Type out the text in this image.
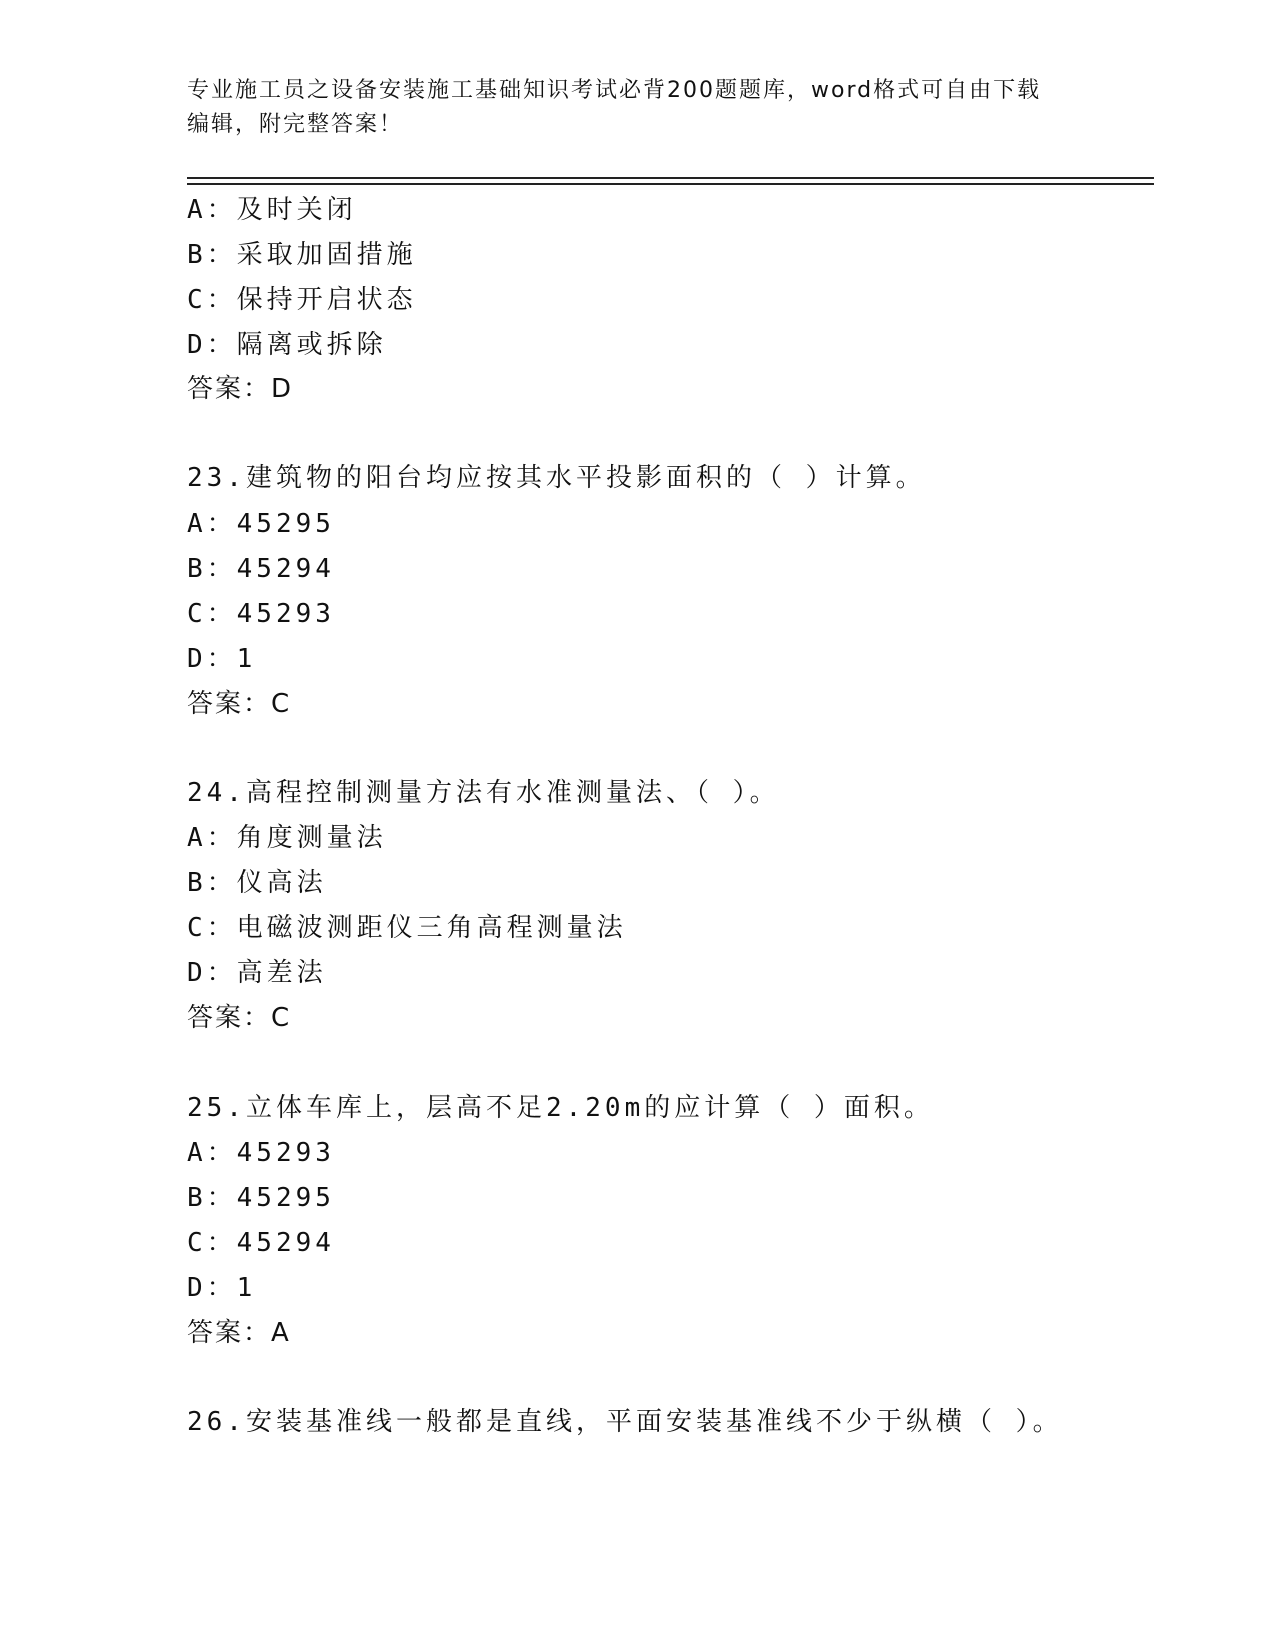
专业施工员之设备安装施工基础知识考试必背200题题库，word格式可自由下载
编辑，附完整答案！
A：及时关闭
B：采取加固措施
C：保持开启状态
D：隔离或拆除
答案：D
23.建筑物的阳台均应按其水平投影面积的（ ）计算。
A：45295
B：45294
C：45293
D：1
答案：C
24.高程控制测量方法有水准测量法、（ ）。
A：角度测量法
B：仪高法
C：电磁波测距仪三角高程测量法
D：高差法
答案：C
25.立体车库上，层高不足2.20m的应计算（ ）面积。
A：45293
B：45295
C：45294
D：1
答案：A
26.安装基准线一般都是直线，平面安装基准线不少于纵横（ ）。
